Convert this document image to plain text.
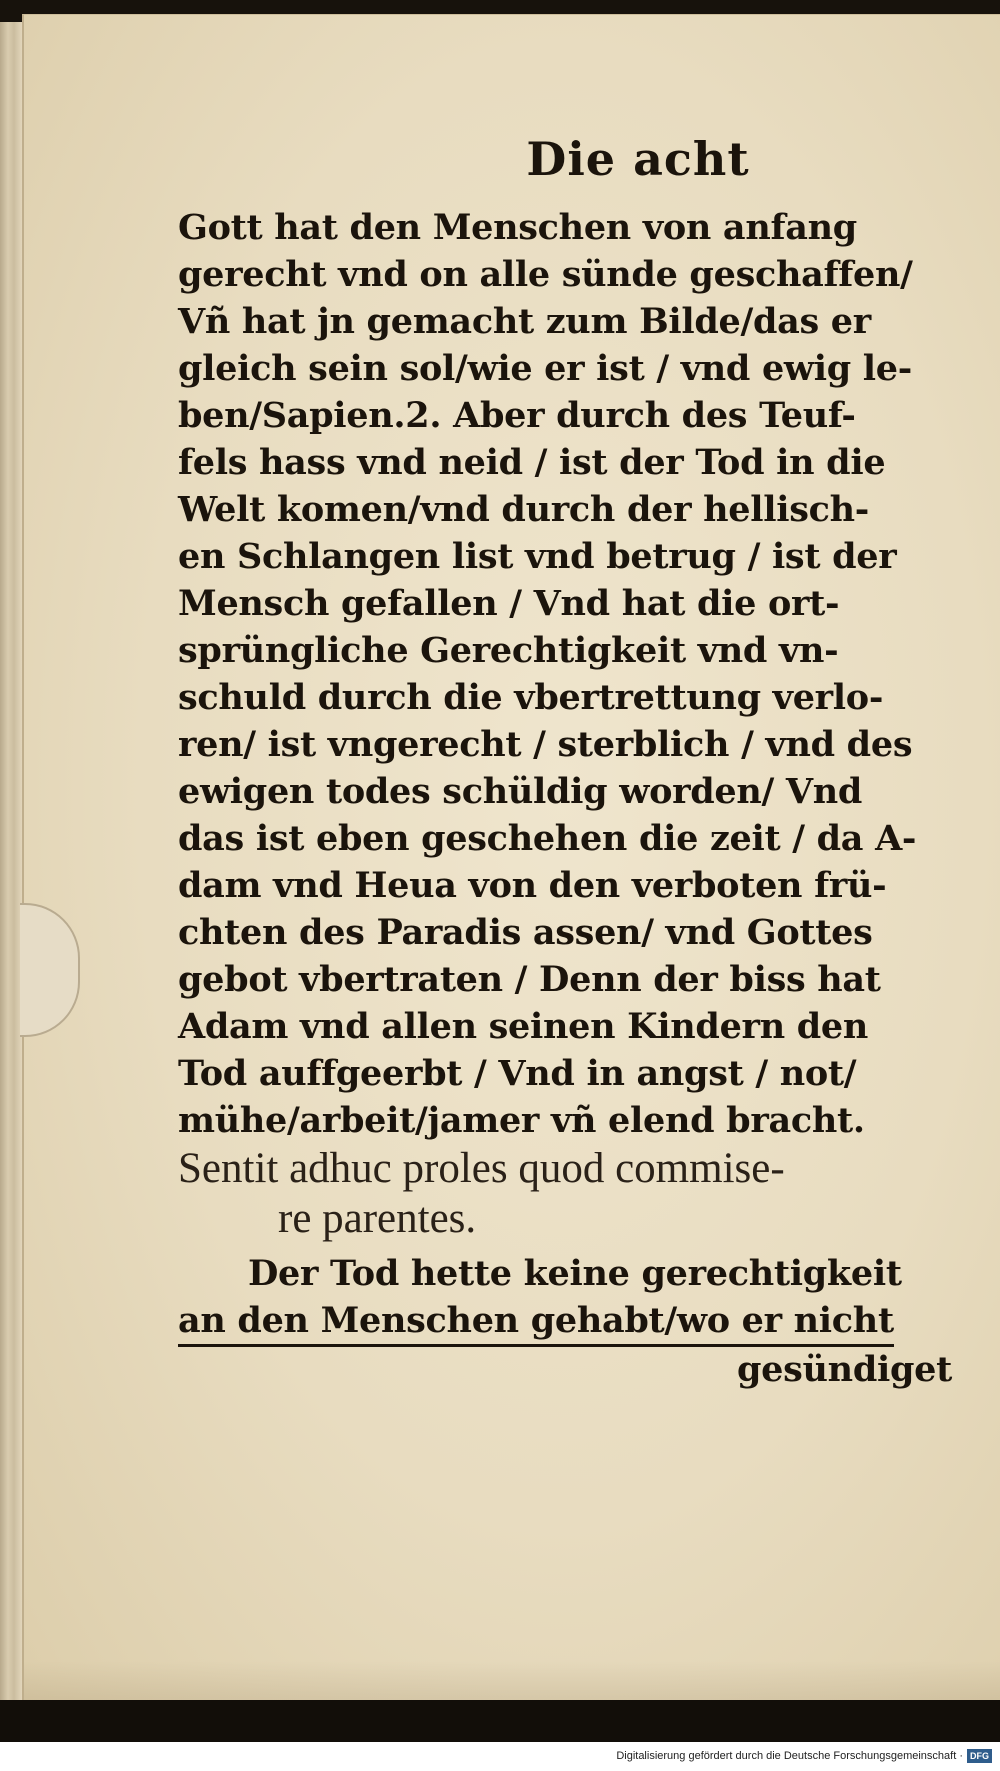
Die acht
Gott hat den Menschen von anfang
gerecht vnd on alle sünde geschaffen/
Vñ hat jn gemacht zum Bilde/das er
gleich sein sol/wie er ist / vnd ewig le-
ben/Sapien.2. Aber durch des Teuf-
fels hass vnd neid / ist der Tod in die
Welt komen/vnd durch der hellisch-
en Schlangen list vnd betrug / ist der
Mensch gefallen / Vnd hat die ort-
sprüngliche Gerechtigkeit vnd vn-
schuld durch die vbertrettung verlo-
ren/ ist vngerecht / sterblich / vnd des
ewigen todes schüldig worden/ Vnd
das ist eben geschehen die zeit / da A-
dam vnd Heua von den verboten frü-
chten des Paradis assen/ vnd Gottes
gebot vbertraten / Denn der biss hat
Adam vnd allen seinen Kindern den
Tod auffgeerbt / Vnd in angst / not/
mühe/arbeit/jamer vñ elend bracht.
Sentit adhuc proles quod commise-
re parentes.
Der Tod hette keine gerechtigkeit
an den Menschen gehabt/wo er nicht
gesündiget
Digitalisierung gefördert durch die Deutsche Forschungsgemeinschaft · DFG
